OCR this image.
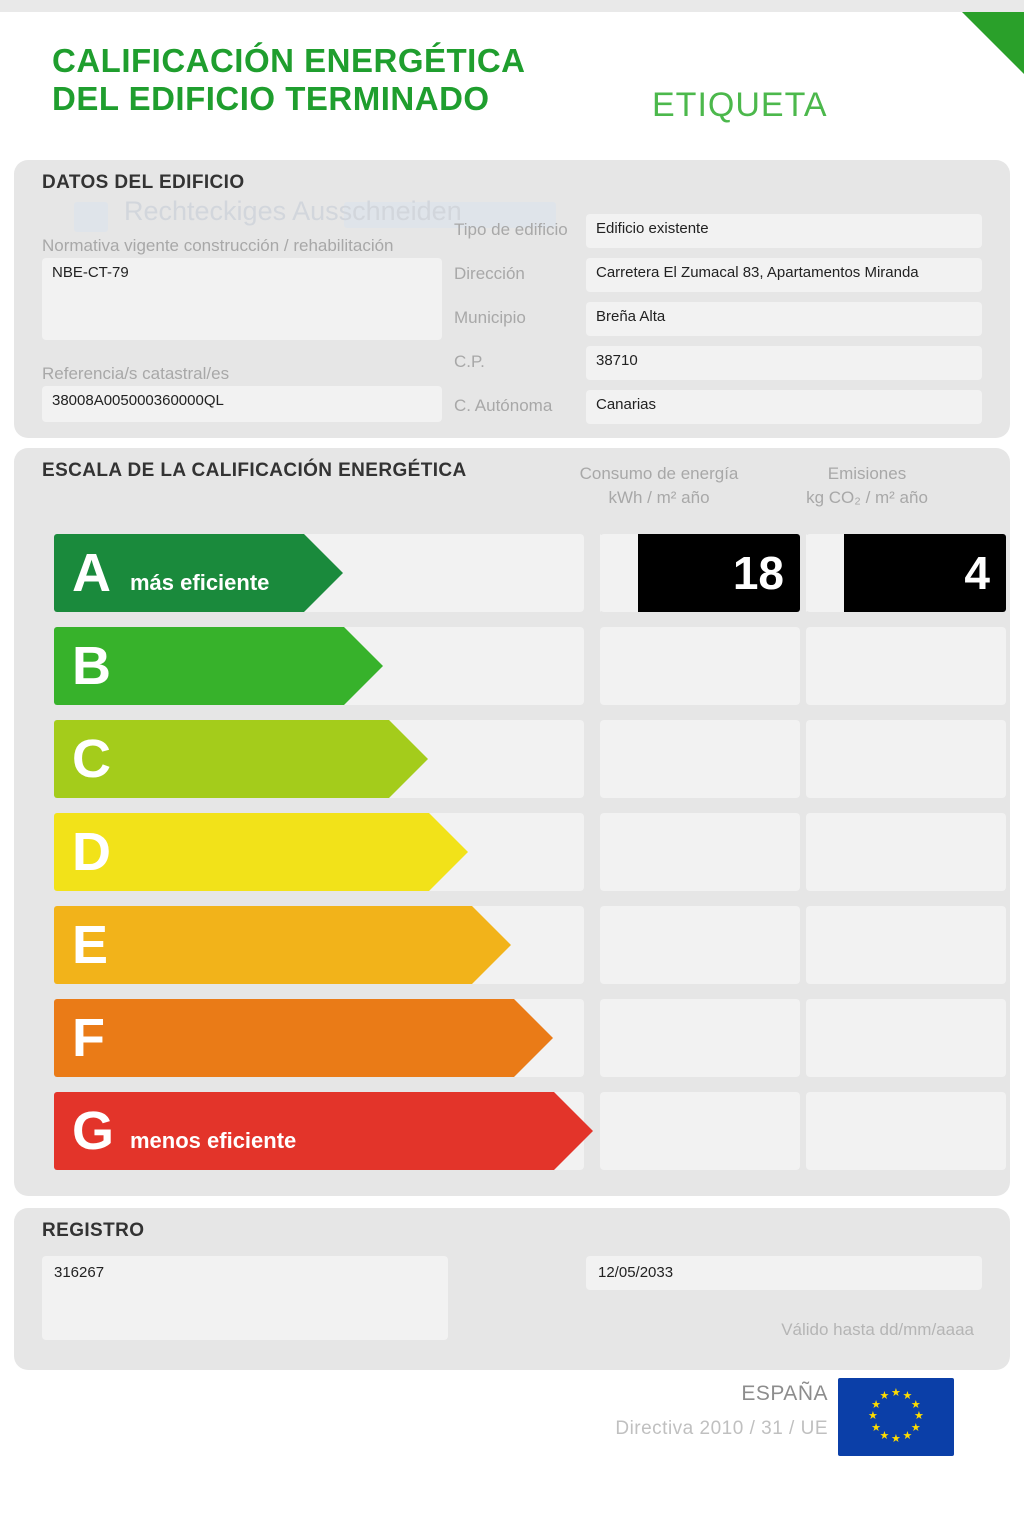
CALIFICACIÓN ENERGÉTICA
DEL EDIFICIO TERMINADO	ETIQUETA
DATOS DEL EDIFICIO
Rechteckiges Ausschneiden
Normativa vigente construcción / rehabilitación
NBE-CT-79
Referencia/s catastral/es
38008A005000360000QL
Tipo de edificio	Edificio existente
Dirección	Carretera El Zumacal 83, Apartamentos Miranda
Municipio	Breña Alta
C.P.	38710
C. Autónoma	Canarias
ESCALA DE LA CALIFICACIÓN ENERGÉTICA	Consumo de energía
kWh / m² año
Emisiones
kg CO₂ / m² año
A más eficiente	18	4
B
C
D
E
F
G menos eficiente
REGISTRO
316267	12/05/2033
Válido hasta dd/mm/aaaa
ESPAÑA
Directiva 2010 / 31 / UE
★ ★
★
★
★
★
★
★
★
★
★
★
